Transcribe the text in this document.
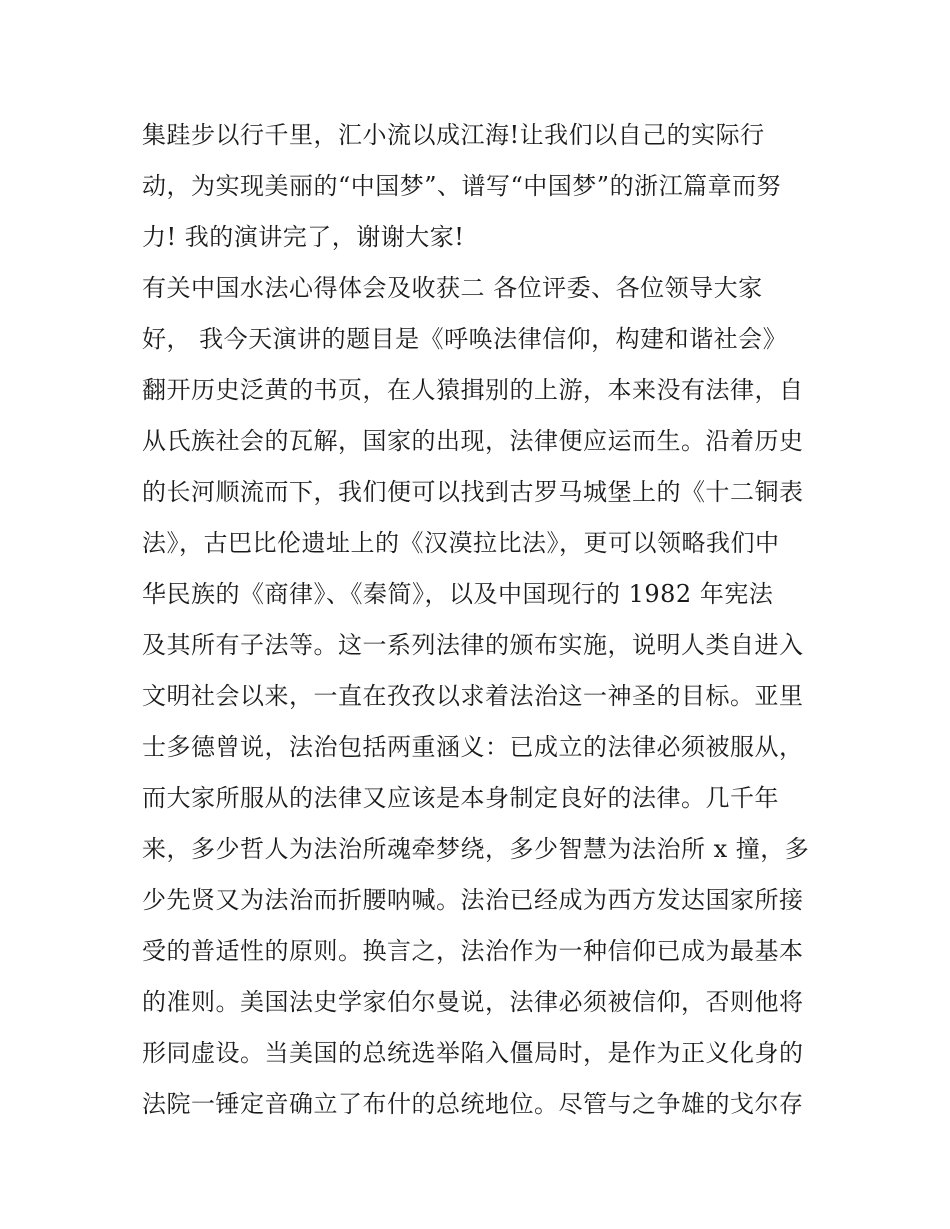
集跬步以行千里，汇小流以成江海!让我们以自己的实际行
动，为实现美丽的“中国梦”、谱写“中国梦”的浙江篇章而努
力! 我的演讲完了，谢谢大家!
有关中国水法心得体会及收获二 各位评委、各位领导大家
好， 我今天演讲的题目是《呼唤法律信仰，构建和谐社会》
翻开历史泛黄的书页，在人猿揖别的上游，本来没有法律，自
从氏族社会的瓦解，国家的出现，法律便应运而生。沿着历史
的长河顺流而下，我们便可以找到古罗马城堡上的《十二铜表
法》，古巴比伦遗址上的《汉漠拉比法》，更可以领略我们中
华民族的《商律》、《秦简》，以及中国现行的 1982 年宪法
及其所有子法等。这一系列法律的颁布实施，说明人类自进入
文明社会以来，一直在孜孜以求着法治这一神圣的目标。亚里
士多德曾说，法治包括两重涵义：已成立的法律必须被服从，
而大家所服从的法律又应该是本身制定良好的法律。几千年
来，多少哲人为法治所魂牵梦绕，多少智慧为法治所 x 撞，多
少先贤又为法治而折腰呐喊。法治已经成为西方发达国家所接
受的普适性的原则。换言之，法治作为一种信仰已成为最基本
的准则。美国法史学家伯尔曼说，法律必须被信仰，否则他将
形同虚设。当美国的总统选举陷入僵局时，是作为正义化身的
法院一锤定音确立了布什的总统地位。尽管与之争雄的戈尔存
